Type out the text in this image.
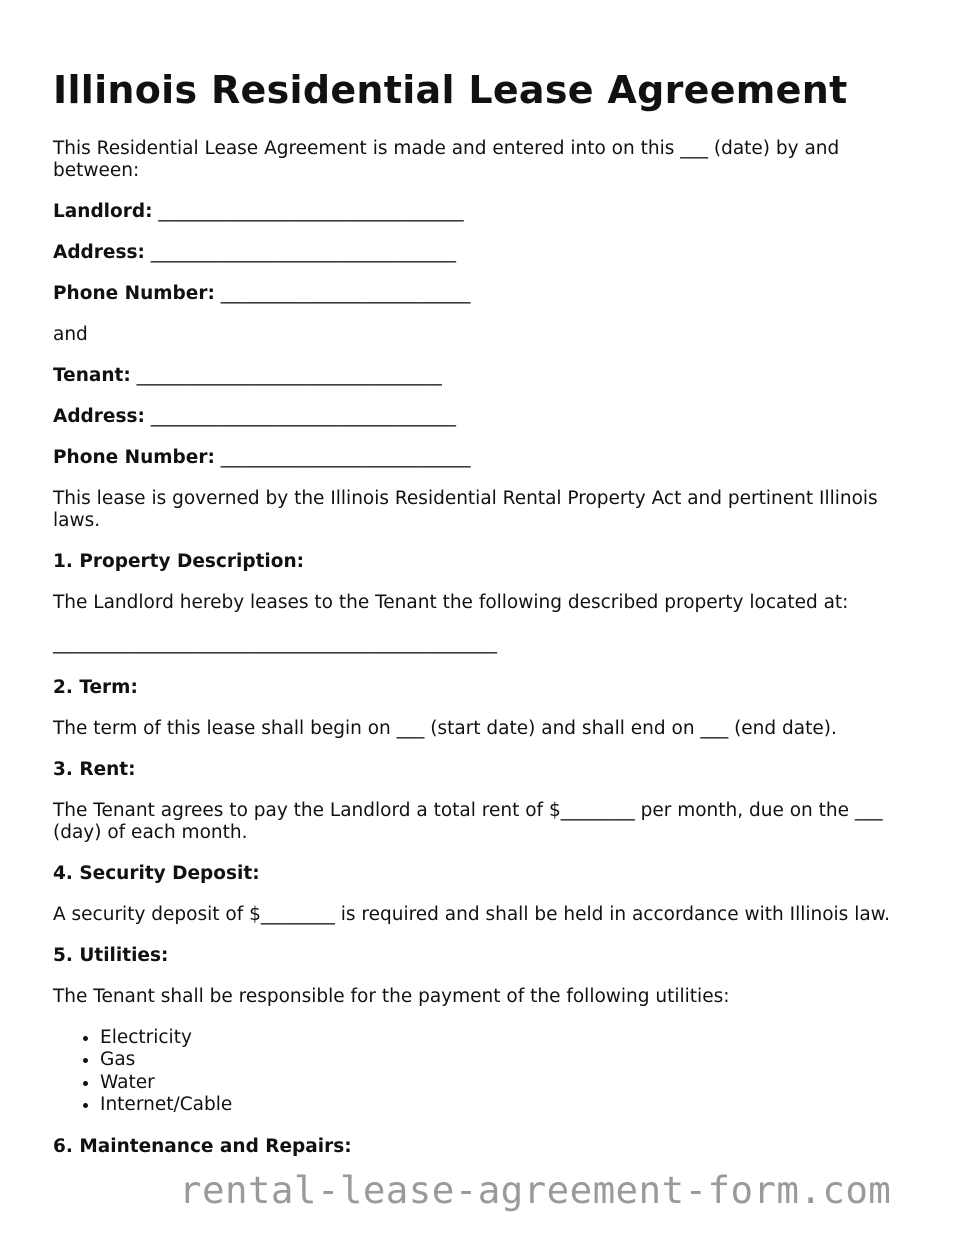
Illinois Residential Lease Agreement

This Residential Lease Agreement is made and entered into on this ___ (date) by and between:

Landlord: _________________________________

Address: _________________________________

Phone Number: ___________________________

and

Tenant: _________________________________

Address: _________________________________

Phone Number: ___________________________

This lease is governed by the Illinois Residential Rental Property Act and pertinent Illinois laws.

1. Property Description:

The Landlord hereby leases to the Tenant the following described property located at:

________________________________________________

2. Term:

The term of this lease shall begin on ___ (start date) and shall end on ___ (end date).

3. Rent:

The Tenant agrees to pay the Landlord a total rent of $________ per month, due on the ___ (day) of each month.

4. Security Deposit:

A security deposit of $________ is required and shall be held in accordance with Illinois law.

5. Utilities:

The Tenant shall be responsible for the payment of the following utilities:

• Electricity
• Gas
• Water
• Internet/Cable

6. Maintenance and Repairs:

rental-lease-agreement-form.com
